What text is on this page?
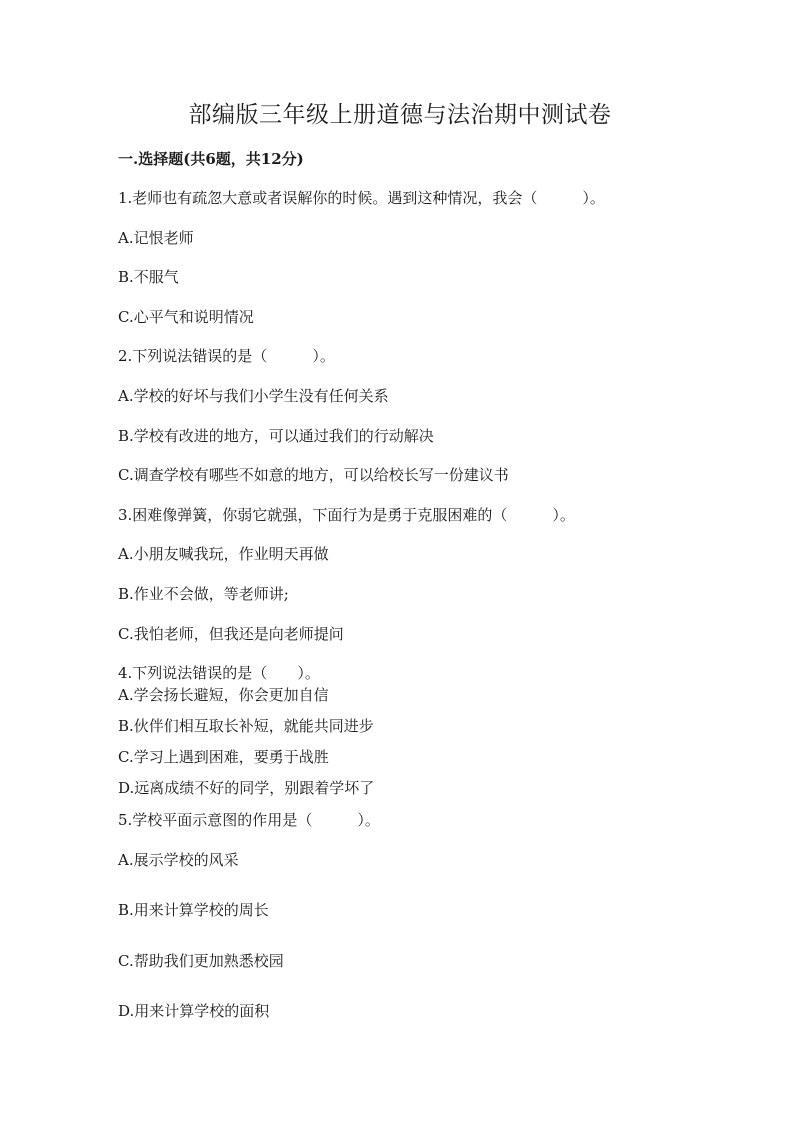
部编版三年级上册道德与法治期中测试卷
一.选择题(共6题，共12分)
1.老师也有疏忽大意或者误解你的时候。遇到这种情况，我会（　　　）。
A.记恨老师
B.不服气
C.心平气和说明情况
2.下列说法错误的是（　　　）。
A.学校的好坏与我们小学生没有任何关系
B.学校有改进的地方，可以通过我们的行动解决
C.调查学校有哪些不如意的地方，可以给校长写一份建议书
3.困难像弹簧，你弱它就强，下面行为是勇于克服困难的（　　　）。
A.小朋友喊我玩，作业明天再做
B.作业不会做，等老师讲;
C.我怕老师，但我还是向老师提问
4.下列说法错误的是（　　）。
A.学会扬长避短，你会更加自信
B.伙伴们相互取长补短，就能共同进步
C.学习上遇到困难，要勇于战胜
D.远离成绩不好的同学，别跟着学坏了
5.学校平面示意图的作用是（　　　）。
A.展示学校的风采
B.用来计算学校的周长
C.帮助我们更加熟悉校园
D.用来计算学校的面积
